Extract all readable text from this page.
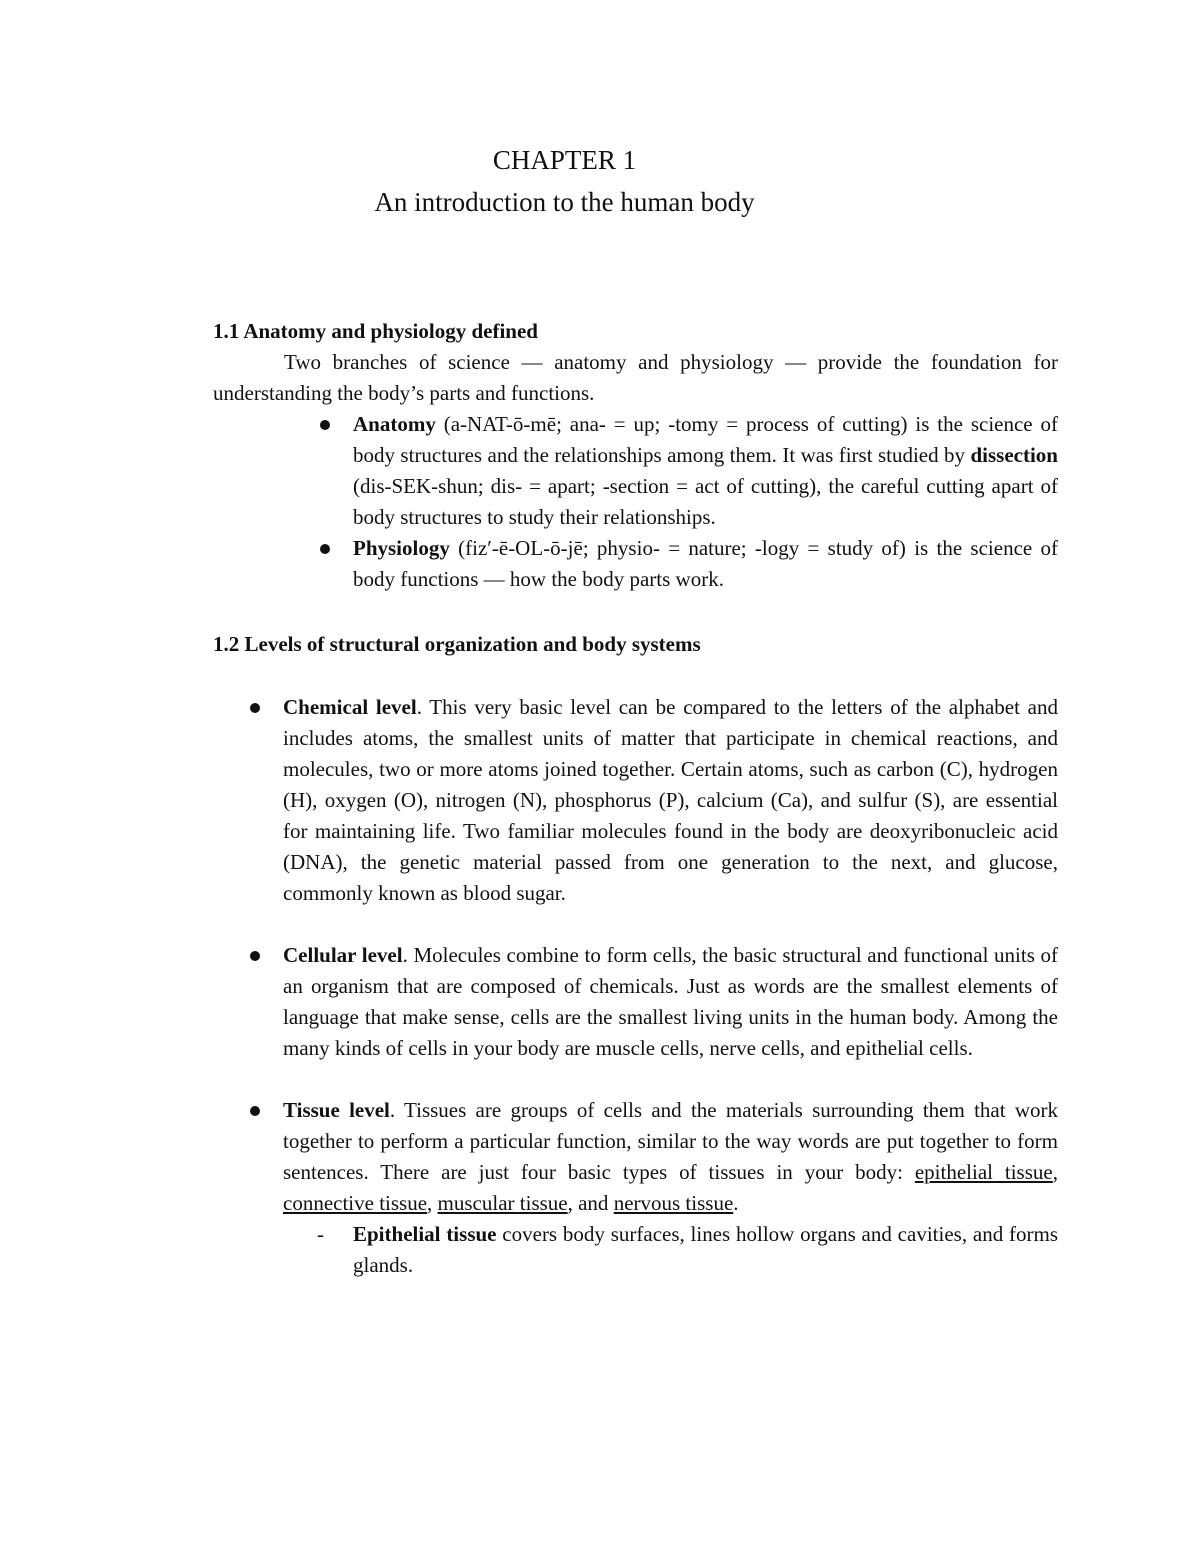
CHAPTER 1
An introduction to the human body
1.1 Anatomy and physiology defined

Two branches of science — anatomy and physiology — provide the foundation for understanding the body’s parts and functions.

Anatomy (a-NAT-ō-mē; ana- = up; -tomy = process of cutting) is the science of body structures and the relationships among them. It was first studied by dissection (dis-SEK-shun; dis- = apart; -section = act of cutting), the careful cutting apart of body structures to study their relationships.
Physiology (fiz′-ē-OL-ō-jē; physio- = nature; -logy = study of) is the science of body functions — how the body parts work.
1.2 Levels of structural organization and body systems
Chemical level. This very basic level can be compared to the letters of the alphabet and includes atoms, the smallest units of matter that participate in chemical reactions, and molecules, two or more atoms joined together. Certain atoms, such as carbon (C), hydrogen (H), oxygen (O), nitrogen (N), phosphorus (P), calcium (Ca), and sulfur (S), are essential for maintaining life. Two familiar molecules found in the body are deoxyribonucleic acid (DNA), the genetic material passed from one generation to the next, and glucose, commonly known as blood sugar.
Cellular level. Molecules combine to form cells, the basic structural and functional units of an organism that are composed of chemicals. Just as words are the smallest elements of language that make sense, cells are the smallest living units in the human body. Among the many kinds of cells in your body are muscle cells, nerve cells, and epithelial cells.
Tissue level. Tissues are groups of cells and the materials surrounding them that work together to perform a particular function, similar to the way words are put together to form sentences. There are just four basic types of tissues in your body: epithelial tissue, connective tissue, muscular tissue, and nervous tissue.
- Epithelial tissue covers body surfaces, lines hollow organs and cavities, and forms glands.
